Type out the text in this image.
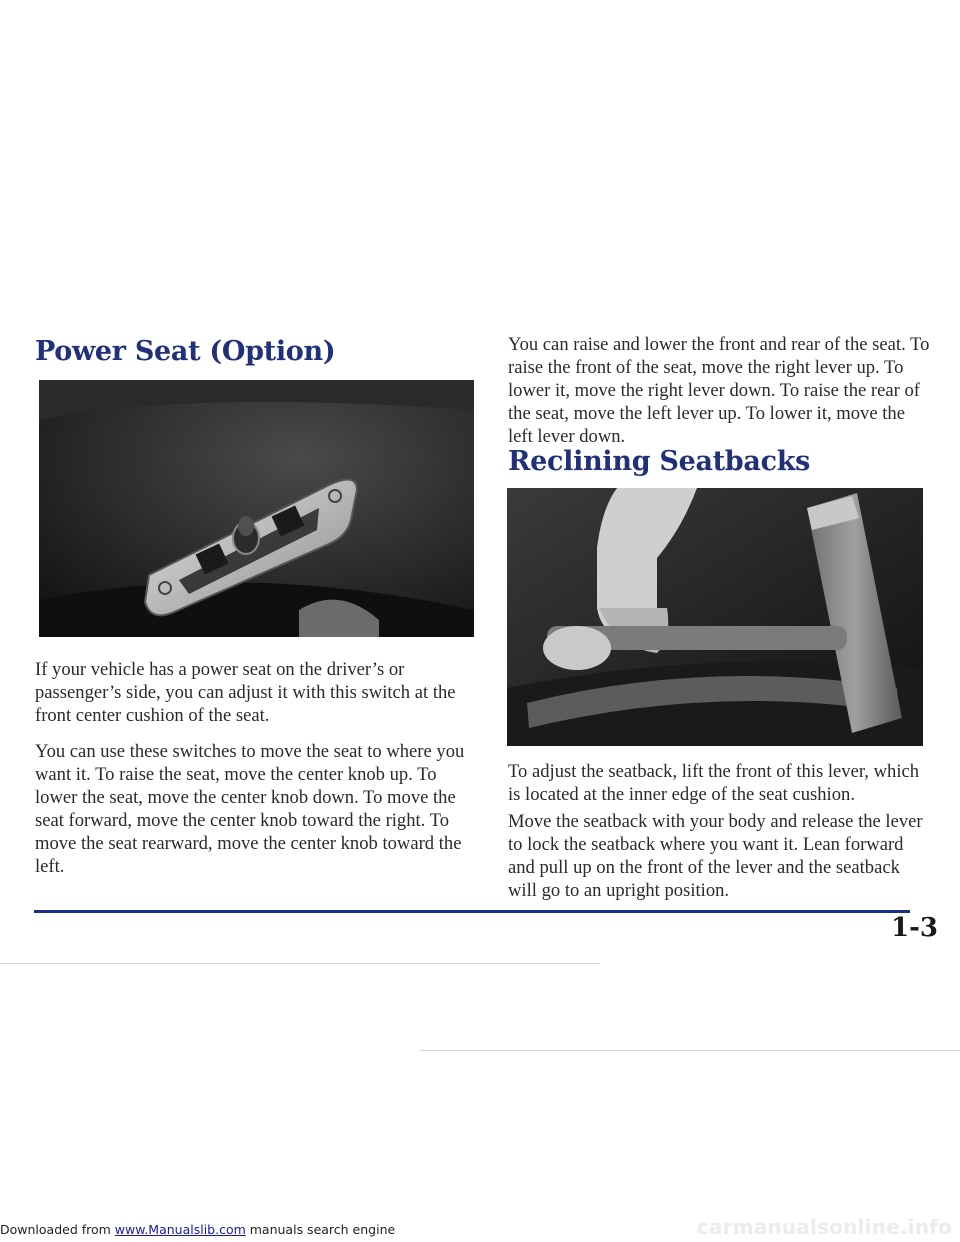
Power Seat (Option)

If your vehicle has a power seat on the driver’s or passenger’s side, you can adjust it with this switch at the front center cushion of the seat.

You can use these switches to move the seat to where you want it. To raise the seat, move the center knob up. To lower the seat, move the center knob down. To move the seat forward, move the center knob toward the right. To move the seat rearward, move the center knob toward the left.

You can raise and lower the front and rear of the seat. To raise the front of the seat, move the right lever up. To lower it, move the right lever down. To raise the rear of the seat, move the left lever up. To lower it, move the left lever down.

Reclining Seatbacks

To adjust the seatback, lift the front of this lever, which is located at the inner edge of the seat cushion.

Move the seatback with your body and release the lever to lock the seatback where you want it. Lean forward and pull up on the front of the lever and the seatback will go to an upright position.

1-3

Downloaded from www.Manualslib.com manuals search engine	carmanualsonline.info
